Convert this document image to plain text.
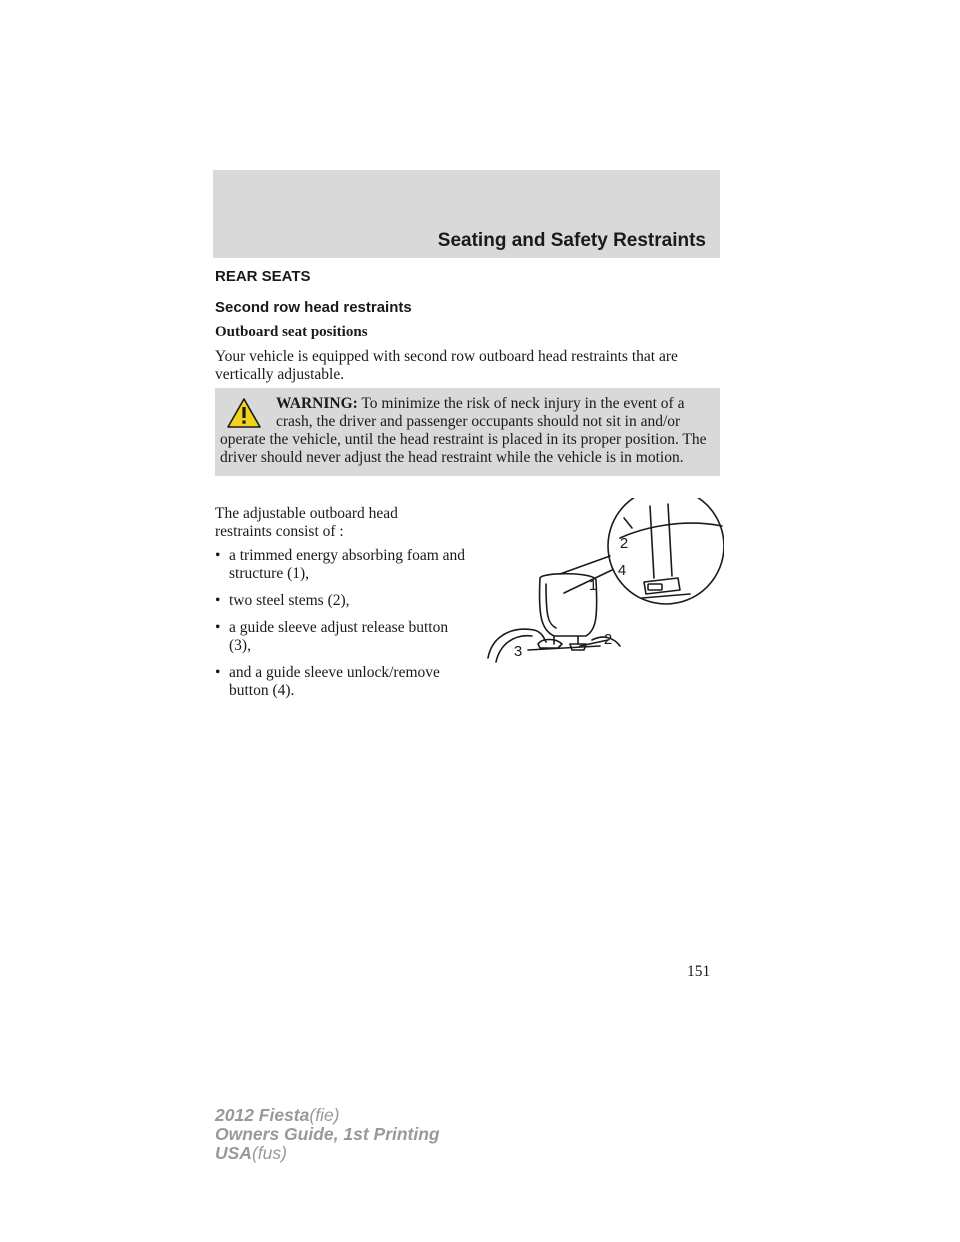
Seating and Safety Restraints
REAR SEATS
Second row head restraints
Outboard seat positions

Your vehicle is equipped with second row outboard head restraints that are vertically adjustable.

WARNING: To minimize the risk of neck injury in the event of a crash, the driver and passenger occupants should not sit in and/or operate the vehicle, until the head restraint is placed in its proper position. The driver should never adjust the head restraint while the vehicle is in motion.

The adjustable outboard head restraints consist of :

• a trimmed energy absorbing foam and structure (1),
• two steel stems (2),
• a guide sleeve adjust release button (3),
• and a guide sleeve unlock/remove button (4).
1
2
3
4
2
151
2012 Fiesta(fie)
Owners Guide, 1st Printing
USA(fus)
